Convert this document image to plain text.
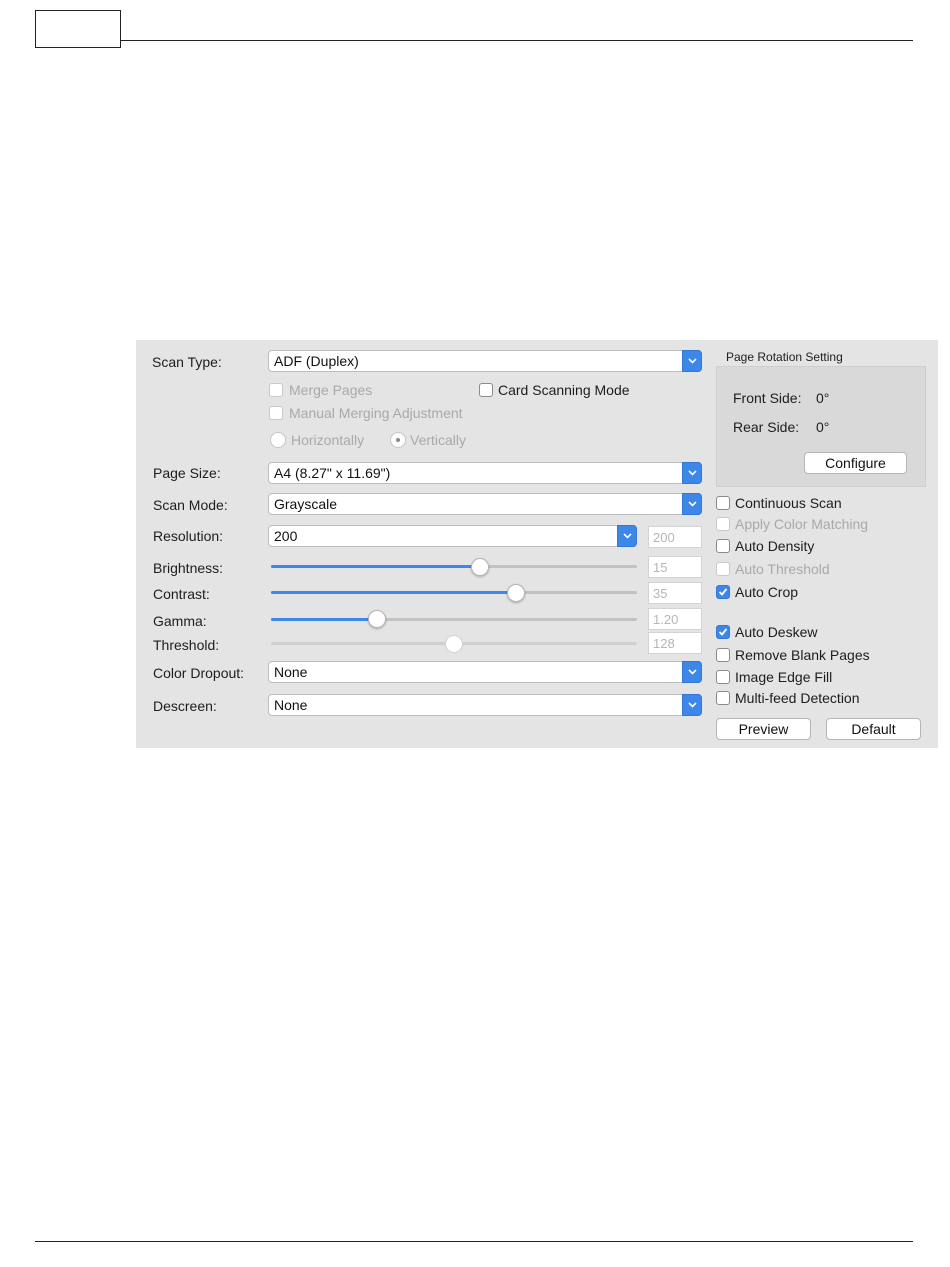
Scan Type:	ADF (Duplex)
Merge Pages	Card Scanning Mode
Manual Merging Adjustment
Horizontally	Vertically
Page Size:	A4 (8.27" x 11.69")
Scan Mode:	Grayscale
Resolution:	200	200
Brightness:	15
Contrast:	35
Gamma:	1.20
Threshold:	128
Color Dropout: None
Descreen:	None
Page Rotation Setting
Front Side: 0°
Rear Side: 0°
Configure
Continuous Scan
Apply Color Matching
Auto Density
Auto Threshold
Auto Crop
Auto Deskew
Remove Blank Pages
Image Edge Fill
Multi-feed Detection
Preview	Default
